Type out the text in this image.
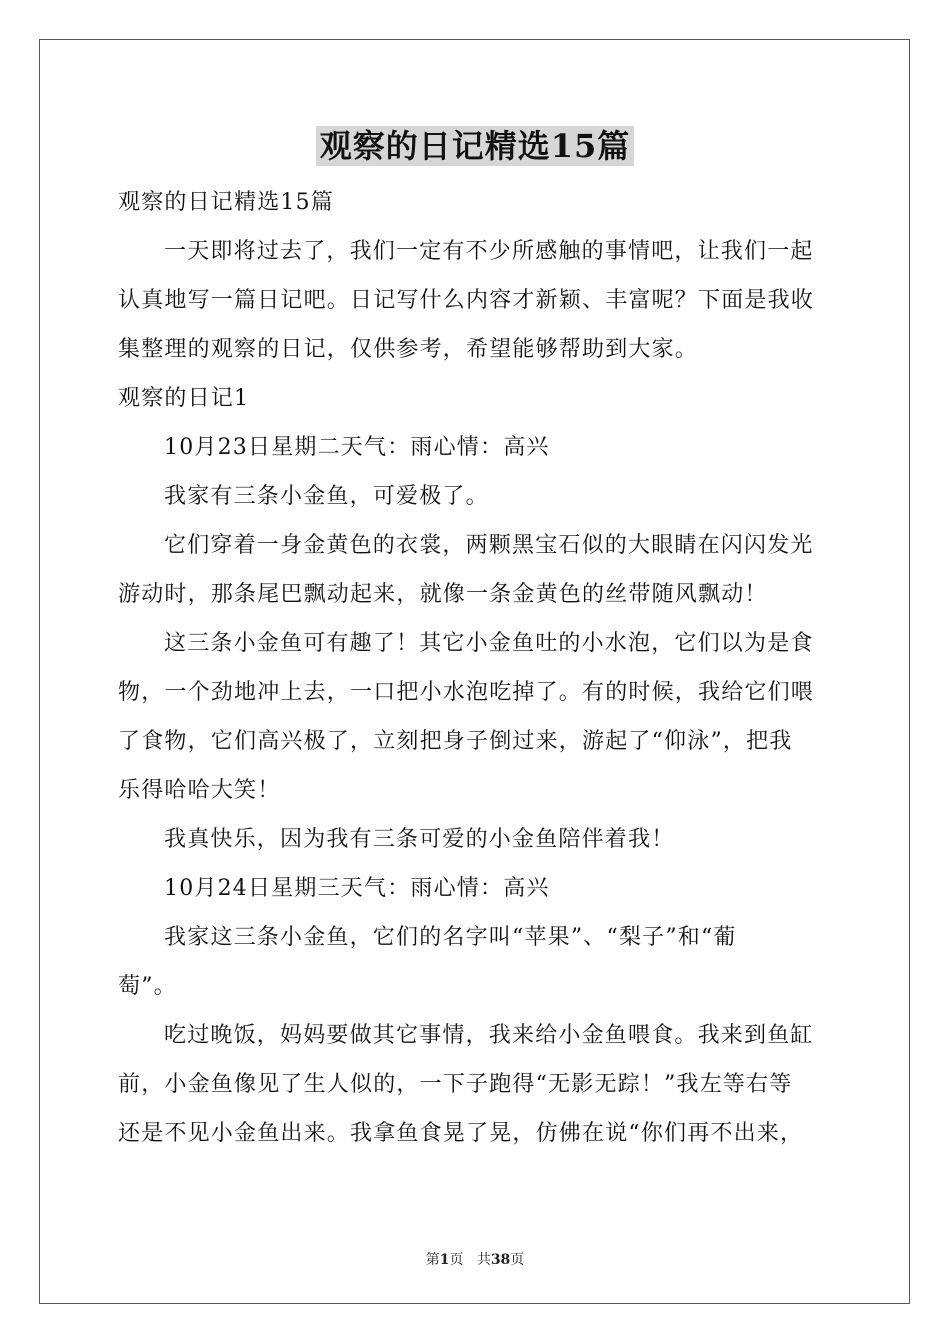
观察的日记精选15篇

观察的日记精选15篇

一天即将过去了，我们一定有不少所感触的事情吧，让我们一起

认真地写一篇日记吧。日记写什么内容才新颖、丰富呢？下面是我收

集整理的观察的日记，仅供参考，希望能够帮助到大家。

观察的日记1

10月23日星期二天气：雨心情：高兴

我家有三条小金鱼，可爱极了。

它们穿着一身金黄色的衣裳，两颗黑宝石似的大眼睛在闪闪发光

游动时，那条尾巴飘动起来，就像一条金黄色的丝带随风飘动！

这三条小金鱼可有趣了！其它小金鱼吐的小水泡，它们以为是食

物，一个劲地冲上去，一口把小水泡吃掉了。有的时候，我给它们喂

了食物，它们高兴极了，立刻把身子倒过来，游起了“仰泳”，把我

乐得哈哈大笑！

我真快乐，因为我有三条可爱的小金鱼陪伴着我！

10月24日星期三天气：雨心情：高兴

我家这三条小金鱼，它们的名字叫“苹果”、“梨子”和“葡

萄”。

吃过晚饭，妈妈要做其它事情，我来给小金鱼喂食。我来到鱼缸

前，小金鱼像见了生人似的，一下子跑得“无影无踪！”我左等右等

还是不见小金鱼出来。我拿鱼食晃了晃，仿佛在说“你们再不出来，

第1页 共38页
